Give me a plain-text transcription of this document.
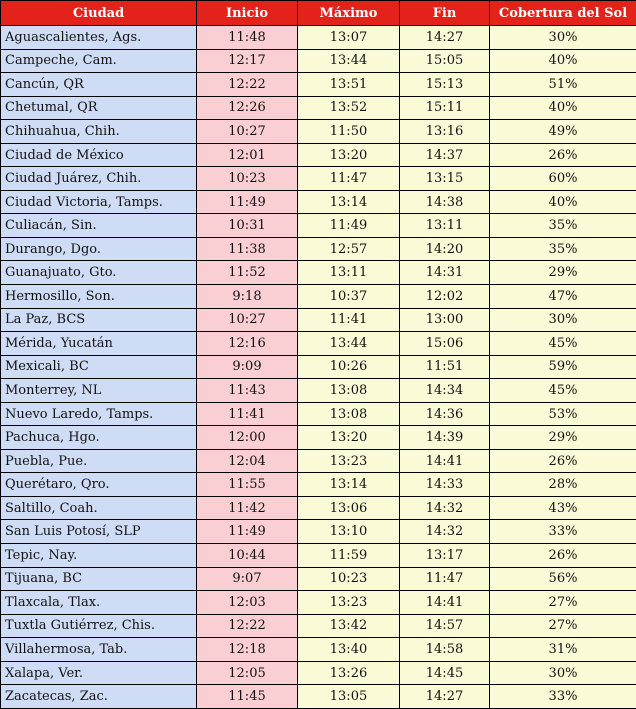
Ciudad	Inicio	Máximo	Fin	Cobertura del Sol
Aguascalientes, Ags.	11:48	13:07	14:27	30%
Campeche, Cam.	12:17	13:44	15:05	40%
Cancún, QR	12:22	13:51	15:13	51%
Chetumal, QR	12:26	13:52	15:11	40%
Chihuahua, Chih.	10:27	11:50	13:16	49%
Ciudad de México	12:01	13:20	14:37	26%
Ciudad Juárez, Chih.	10:23	11:47	13:15	60%
Ciudad Victoria, Tamps.	11:49	13:14	14:38	40%
Culiacán, Sin.	10:31	11:49	13:11	35%
Durango, Dgo.	11:38	12:57	14:20	35%
Guanajuato, Gto.	11:52	13:11	14:31	29%
Hermosillo, Son.	9:18	10:37	12:02	47%
La Paz, BCS	10:27	11:41	13:00	30%
Mérida, Yucatán	12:16	13:44	15:06	45%
Mexicali, BC	9:09	10:26	11:51	59%
Monterrey, NL	11:43	13:08	14:34	45%
Nuevo Laredo, Tamps.	11:41	13:08	14:36	53%
Pachuca, Hgo.	12:00	13:20	14:39	29%
Puebla, Pue.	12:04	13:23	14:41	26%
Querétaro, Qro.	11:55	13:14	14:33	28%
Saltillo, Coah.	11:42	13:06	14:32	43%
San Luis Potosí, SLP	11:49	13:10	14:32	33%
Tepic, Nay.	10:44	11:59	13:17	26%
Tijuana, BC	9:07	10:23	11:47	56%
Tlaxcala, Tlax.	12:03	13:23	14:41	27%
Tuxtla Gutiérrez, Chis.	12:22	13:42	14:57	27%
Villahermosa, Tab.	12:18	13:40	14:58	31%
Xalapa, Ver.	12:05	13:26	14:45	30%
Zacatecas, Zac.	11:45	13:05	14:27	33%
